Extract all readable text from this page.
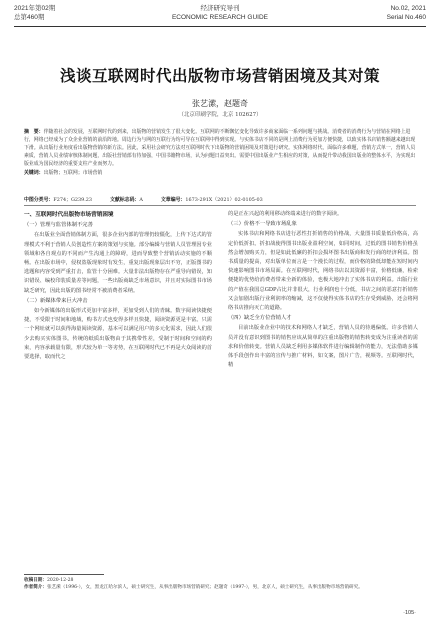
2021年第02期
总第460期
经济研究导刊
ECONOMIC RESEARCH GUIDE
No.02, 2021
Serial No.460
浅谈互联网时代出版物市场营销困境及其对策
张艺潆，赵题奇
（北京印刷学院，北京 102627）
摘　要：伴随着社会的发展，互联网时代的到来，出版物的营销发生了很大变化。互联网的不断飘忆变化导致许多商家面临一系列问题与挑战。消费者的消费行为与营销在网络上进行，网络已经成为了众企业营销的前沿阵地。周边行为与网的互联行为均可导在互联网中得到实现。与实体书店不同的是网上消费行为更加方便快捷，以致实体书店销售额越来越出现下滑。从出版行业角度看出版物营销的新方法。因此，采用社会研究方法对互联网时代下出版物的营销困境及对策进行研究。实体网络时代，面临许多难题，营销方式单一，营销人员素质，营销人员业绩审核体制问题，出版社营销部有待加强，中国书籍物市场，认为问题日益突出。需要中国出版业产生相应的对策，从而提升带动我国出版业的整体水平，为实现出版业成为国民经济的重要支柱产业而努力。
关键词：出版物；互联网；市场营销
中图分类号：F274；G239.23	文献标志码：A	文章编号：1673-291X（2021）02-0105-03
一、互联网时代出版物市场营销困境
（一）管理与监管体制不完善

在出版业全面营销体制方面，很多企业内部的管理仍较僵化，上传下达式的管理模式不利于营销人员创造性方案的策划与实施。部分编辑与营销人员管理因专业领域和各自观点的不同而产生沟通上的障碍，进而导致整个营销活动实施的不顺畅。在出版市场中，侵权盗版现象时有发生，重复出版现象层出不穷，正版图书的选题和内容受到严重打击，监管十分困难。大量非法出版物存在严重导向错误，知识错误、编校印装质量差等问题，一些出版商缺乏市场意识，并且对实际图书市场缺乏研究，因此出版的图书经常不被消费者采纳。

（二）新媒体带来巨大冲击

如今新媒体的出版形式更加丰富多样，更加受到人们的青睐。数字阅读快捷便捷，不受限于时间和地域，购书方式也变得多样且快捷，阅读资源更是丰富。只需一个网址就可以获得海量阅读资源，基本可以满足用户的多元化需求，因此人们很少去购买实体图书。传统的纸质出版物由于其携带性差，受制于时间和空间的约束，内容承载量有限，形式较为单一等劣势，在互联网时代已不再是大众阅读的首要选择，取而代之

的是正在兴起的利用移动终端来进行的数字阅读。

（三）价格不一导致市场乱象

实体书店和网络书店进行恶性打折销售的价格战，大量图书质量低价格高，高定价低折扣。折扣战使得图书出版业盈利空间，如同时间，过低的图书销售价格虽然会增加购买力，但是如此低廉的折扣会损坏图书出版商和发行商的经济利益。图书质量的提高，对出版单位而言是一个漫长的过程，而价格的降低却能在短时间内快速影响图书市场局面。在互联网时代，网络书店以其资源丰富，价格低廉，检索便捷的优势给消费者带来全新的体验，也极大地冲击了实体书店的利益。出版行业的产值在我国总GDP占比并非很大，行业利润也十分低，书店之间的恶意打折销售又会加剧出版行业利润率的缩减，这不仅使得实体书店的生存受到威胁，还会将网络书店推向灭亡的道路。

（四）缺乏全方位营销人才

目前出版业企业中的技术和网络人才缺乏，营销人员的待遇偏低。许多营销人员并没有意识到图书的销售应该从简单的注重出版物的销售转变成为注重读者的需求和价值转变。营销人员缺乏利用多媒体软件进行编辑制作的能力，无法借助多媒体手段创作出丰富的宣传与推广材料，如文案，图片广告，视频等。互联网时代，精

收稿日期：2020-12-28
作者简介：张艺潆（1996-），女，黑龙江哈尔滨人，硕士研究生，从事出版物市场营销研究；赵题奇（1997-），男，北京人，硕士研究生，从事出版物市场营销研究。
·105·
